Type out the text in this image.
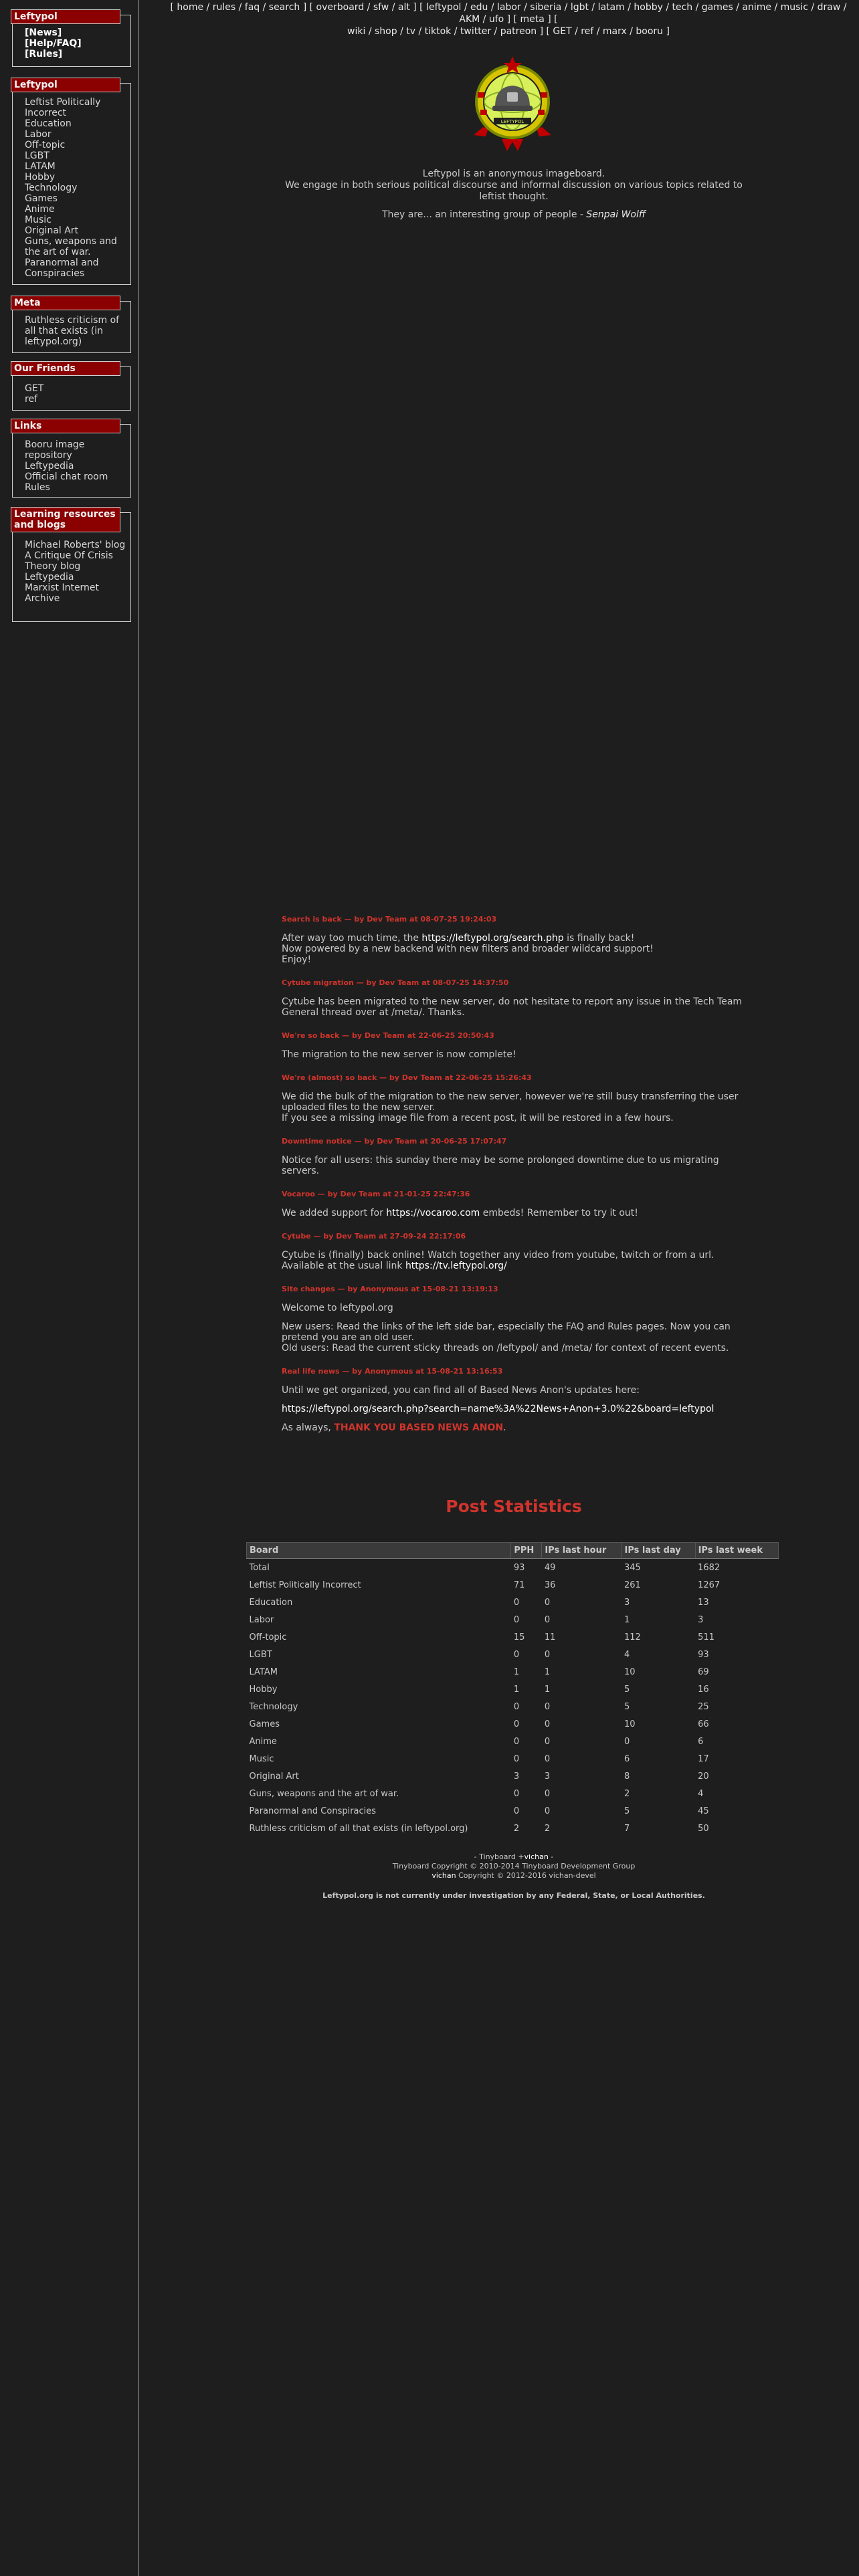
Leftypol
[News]
[Help/FAQ]
[Rules]
Leftypol
Leftist Politically Incorrect
Education
Labor
Off-topic
LGBT
LATAM
Hobby
Technology
Games
Anime
Music
Original Art
Guns, weapons and the art of war.
Paranormal and Conspiracies
Meta
Ruthless criticism of all that exists (in leftypol.org)
Our Friends
GET
ref
Links
Booru image repository
Leftypedia
Official chat room
Rules
Learning resources and blogs
Michael Roberts' blog
A Critique Of Crisis Theory blog
Leftypedia
Marxist Internet Archive
[ home / rules / faq / search ] [ overboard / sfw / alt ] [ leftypol / edu / labor / siberia / lgbt / latam / hobby / tech / games / anime / music / draw / AKM / ufo ] [ meta ] [
wiki / shop / tv / tiktok / twitter / patreon ] [ GET / ref / marx / booru ]
LEFTYPOL

Leftypol is an anonymous imageboard.

We engage in both serious political discourse and informal discussion on various topics related to leftist thought.

They are... an interesting group of people - Senpai Wolff

Search is back — by Dev Team at 08-07-25 19:24:03

After way too much time, the https://leftypol.org/search.php is finally back!

Now powered by a new backend with new filters and broader wildcard support!

Enjoy!

Cytube migration — by Dev Team at 08-07-25 14:37:50

Cytube has been migrated to the new server, do not hesitate to report any issue in the Tech Team General thread over at /meta/. Thanks.

We're so back — by Dev Team at 22-06-25 20:50:43

The migration to the new server is now complete!

We're (almost) so back — by Dev Team at 22-06-25 15:26:43

We did the bulk of the migration to the new server, however we're still busy transferring the user uploaded files to the new server.

If you see a missing image file from a recent post, it will be restored in a few hours.

Downtime notice — by Dev Team at 20-06-25 17:07:47

Notice for all users: this sunday there may be some prolonged downtime due to us migrating servers.

Vocaroo — by Dev Team at 21-01-25 22:47:36

We added support for https://vocaroo.com embeds! Remember to try it out!

Cytube — by Dev Team at 27-09-24 22:17:06

Cytube is (finally) back online! Watch together any video from youtube, twitch or from a url.

Available at the usual link https://tv.leftypol.org/

Site changes — by Anonymous at 15-08-21 13:19:13

Welcome to leftypol.org

New users: Read the links of the left side bar, especially the FAQ and Rules pages. Now you can pretend you are an old user.

Old users: Read the current sticky threads on /leftypol/ and /meta/ for context of recent events.

Real life news — by Anonymous at 15-08-21 13:16:53

Until we get organized, you can find all of Based News Anon's updates here:

https://leftypol.org/search.php?search=name%3A%22News+Anon+3.0%22&board=leftypol

As always, THANK YOU BASED NEWS ANON.

Post Statistics
Board	PPH	IPs last hour	IPs last day	IPs last week
Total	93	49	345	1682
Leftist Politically Incorrect	71	36	261	1267
Education	0	0	3	13
Labor	0	0	1	3
Off-topic	15	11	112	511
LGBT	0	0	4	93
LATAM	1	1	10	69
Hobby	1	1	5	16
Technology	0	0	5	25
Games	0	0	10	66
Anime	0	0	0	6
Music	0	0	6	17
Original Art	3	3	8	20
Guns, weapons and the art of war.	0	0	2	4
Paranormal and Conspiracies	0	0	5	45
Ruthless criticism of all that exists (in leftypol.org)	2	2	7	50

- Tinyboard +vichan -

Tinyboard Copyright © 2010-2014 Tinyboard Development Group

vichan Copyright © 2012-2016 vichan-devel

Leftypol.org is not currently under investigation by any Federal, State, or Local Authorities.
